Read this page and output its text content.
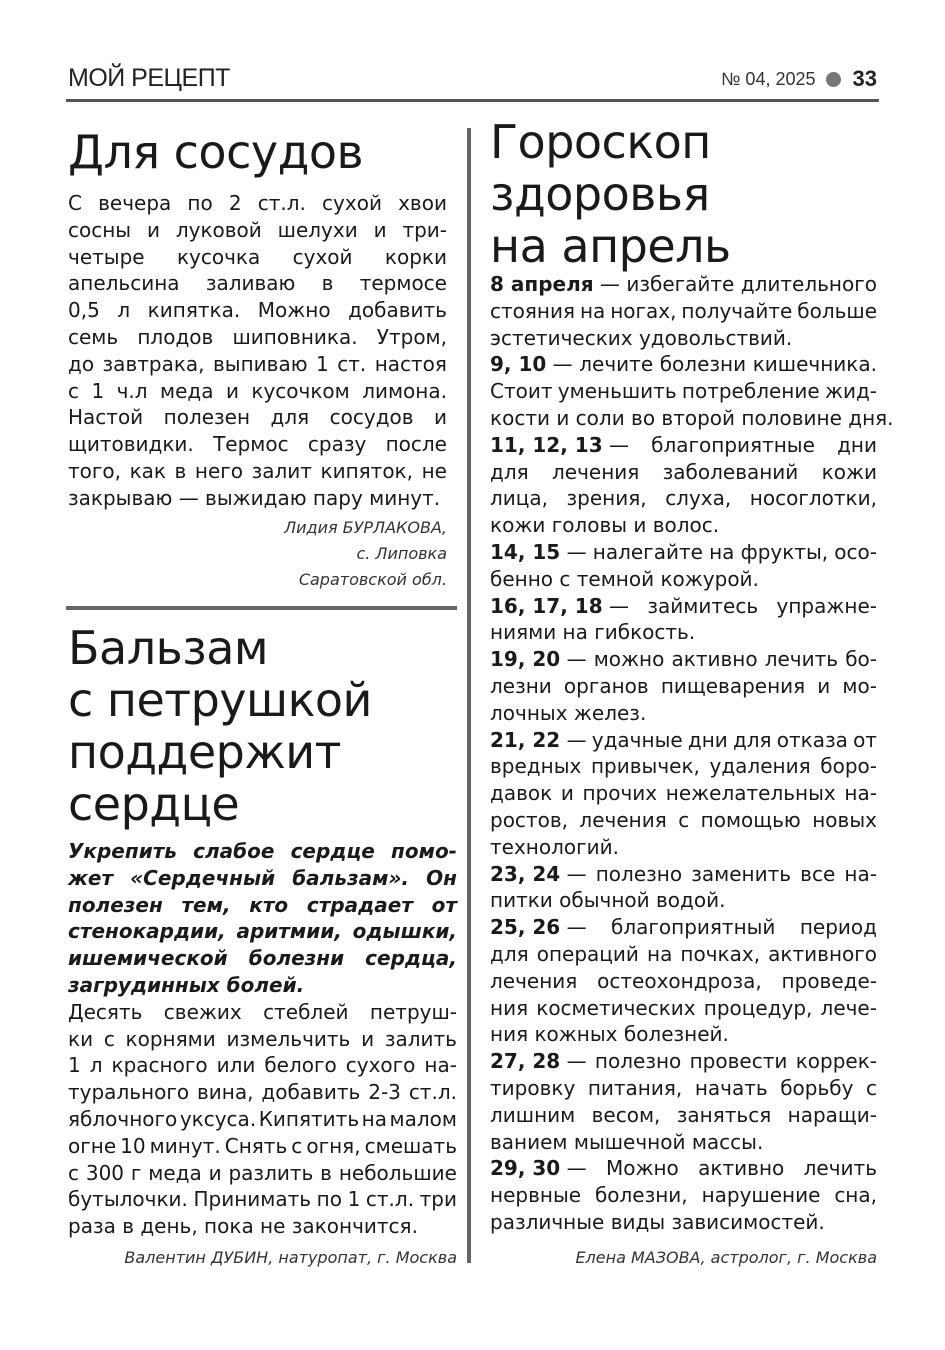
МОЙ РЕЦЕПТ	№ 04, 2025 33
Для сосудов
С вечера по 2 ст.л. сухой хвои
сосны и луковой шелухи и три-
четыре кусочка сухой корки
апельсина заливаю в термосе
0,5 л кипятка. Можно добавить
семь плодов шиповника. Утром,
до завтрака, выпиваю 1 ст. настоя
с 1 ч.л меда и кусочком лимона.
Настой полезен для сосудов и
щитовидки. Термос сразу после
того, как в него залит кипяток, не
закрываю — выжидаю пару минут.
Лидия БУРЛАКОВА,
с. Липовка
Саратовской обл.
Бальзам
с петрушкой
поддержит
сердце
Укрепить слабое сердце помо-
жет «Сердечный бальзам». Он
полезен тем, кто страдает от
стенокардии, аритмии, одышки,
ишемической болезни сердца,
загрудинных болей.
Десять свежих стеблей петруш-
ки с корнями измельчить и залить
1 л красного или белого сухого на-
турального вина, добавить 2-3 ст.л.
яблочного уксуса. Кипятить на малом
огне 10 минут. Снять с огня, смешать
с 300 г меда и разлить в небольшие
бутылочки. Принимать по 1 ст.л. три
раза в день, пока не закончится.
Валентин ДУБИН, натуропат, г. Москва
Гороскоп
здоровья
на апрель
8 апреля — избегайте длительного
стояния на ногах, получайте больше
эстетических удовольствий.
9, 10 — лечите болезни кишечника.
Стоит уменьшить потребление жид-
кости и соли во второй половине дня.
11, 12, 13 — благоприятные дни
для лечения заболеваний кожи
лица, зрения, слуха, носоглотки,
кожи головы и волос.
14, 15 — налегайте на фрукты, осо-
бенно с темной кожурой.
16, 17, 18 — займитесь упражне-
ниями на гибкость.
19, 20 — можно активно лечить бо-
лезни органов пищеварения и мо-
лочных желез.
21, 22 — удачные дни для отказа от
вредных привычек, удаления боро-
давок и прочих нежелательных на-
ростов, лечения с помощью новых
технологий.
23, 24 — полезно заменить все на-
питки обычной водой.
25, 26 — благоприятный период
для операций на почках, активного
лечения остеохондроза, проведе-
ния косметических процедур, лече-
ния кожных болезней.
27, 28 — полезно провести коррек-
тировку питания, начать борьбу с
лишним весом, заняться наращи-
ванием мышечной массы.
29, 30 — Можно активно лечить
нервные болезни, нарушение сна,
различные виды зависимостей.
Елена МАЗОВА, астролог, г. Москва
